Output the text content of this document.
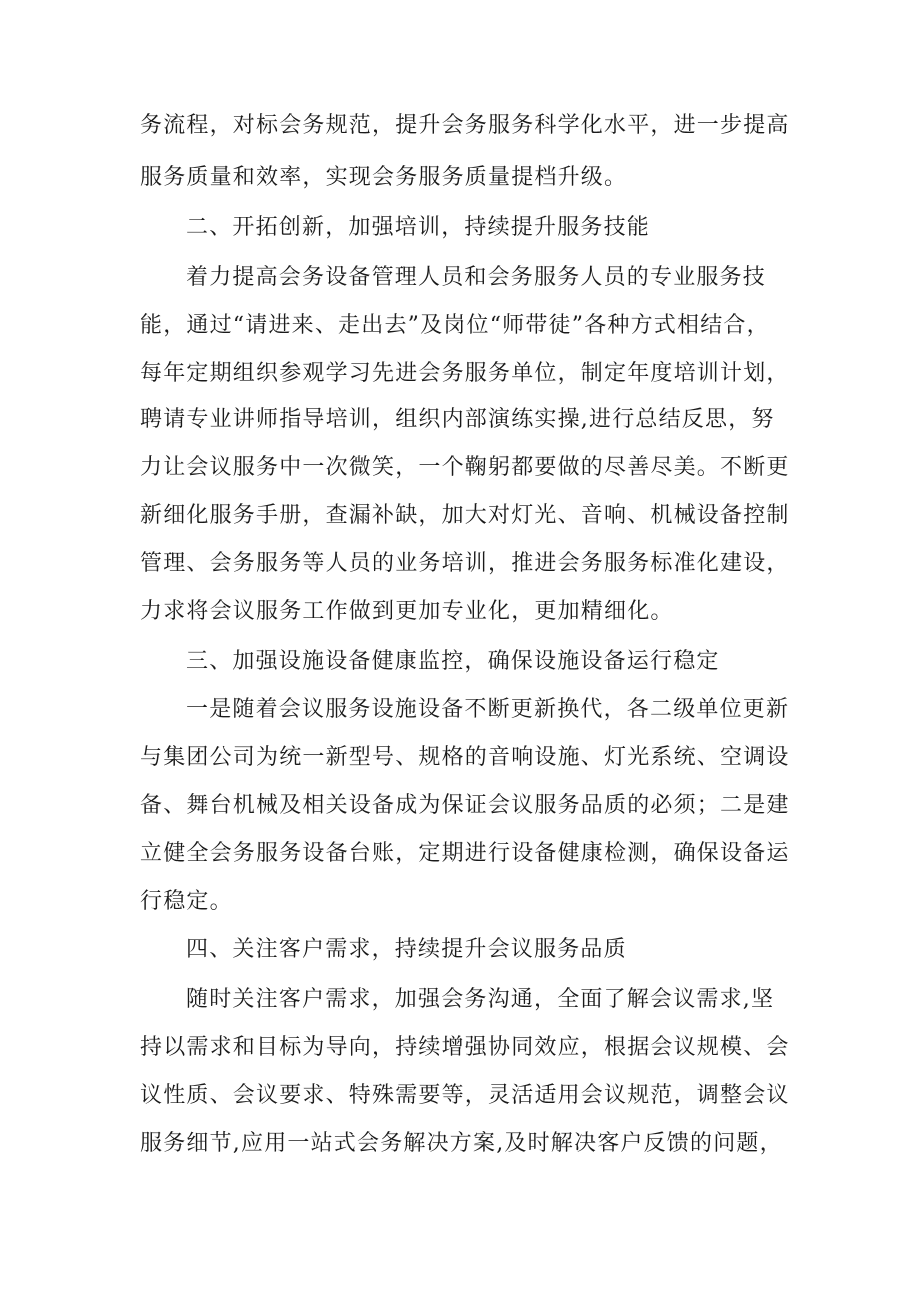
务流程，对标会务规范，提升会务服务科学化水平，进一步提高
服务质量和效率，实现会务服务质量提档升级。
二、开拓创新，加强培训，持续提升服务技能
着力提高会务设备管理人员和会务服务人员的专业服务技
能，通过“请进来、走出去”及岗位“师带徒”各种方式相结合，
每年定期组织参观学习先进会务服务单位，制定年度培训计划，
聘请专业讲师指导培训，组织内部演练实操,进行总结反思，努
力让会议服务中一次微笑，一个鞠躬都要做的尽善尽美。不断更
新细化服务手册，查漏补缺，加大对灯光、音响、机械设备控制
管理、会务服务等人员的业务培训，推进会务服务标准化建设，
力求将会议服务工作做到更加专业化，更加精细化。
三、加强设施设备健康监控，确保设施设备运行稳定
一是随着会议服务设施设备不断更新换代，各二级单位更新
与集团公司为统一新型号、规格的音响设施、灯光系统、空调设
备、舞台机械及相关设备成为保证会议服务品质的必须；二是建
立健全会务服务设备台账，定期进行设备健康检测，确保设备运
行稳定。
四、关注客户需求，持续提升会议服务品质
随时关注客户需求，加强会务沟通，全面了解会议需求,坚
持以需求和目标为导向，持续增强协同效应，根据会议规模、会
议性质、会议要求、特殊需要等，灵活适用会议规范，调整会议
服务细节,应用一站式会务解决方案,及时解决客户反馈的问题，
